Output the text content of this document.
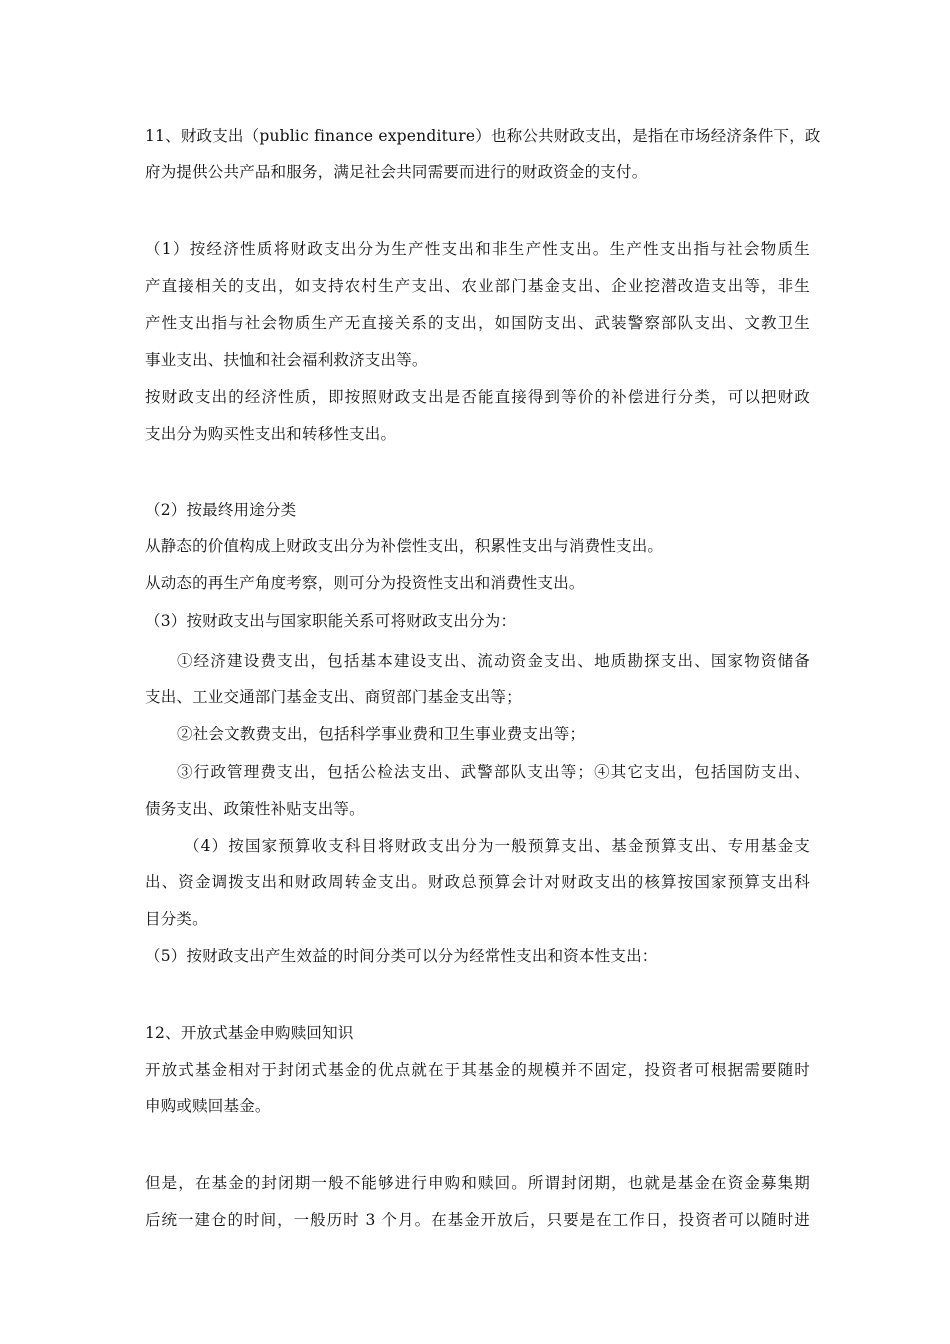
11、财政支出（public finance expenditure）也称公共财政支出，是指在市场经济条件下，政
府为提供公共产品和服务，满足社会共同需要而进行的财政资金的支付。
（1）按经济性质将财政支出分为生产性支出和非生产性支出。生产性支出指与社会物质生
产直接相关的支出，如支持农村生产支出、农业部门基金支出、企业挖潜改造支出等，非生
产性支出指与社会物质生产无直接关系的支出，如国防支出、武装警察部队支出、文教卫生
事业支出、扶恤和社会福利救济支出等。
按财政支出的经济性质，即按照财政支出是否能直接得到等价的补偿进行分类，可以把财政
支出分为购买性支出和转移性支出。
（2）按最终用途分类
从静态的价值构成上财政支出分为补偿性支出，积累性支出与消费性支出。
从动态的再生产角度考察，则可分为投资性支出和消费性支出。
（3）按财政支出与国家职能关系可将财政支出分为：
①经济建设费支出，包括基本建设支出、流动资金支出、地质勘探支出、国家物资储备
支出、工业交通部门基金支出、商贸部门基金支出等；
②社会文教费支出，包括科学事业费和卫生事业费支出等；
③行政管理费支出，包括公检法支出、武警部队支出等；④其它支出，包括国防支出、
债务支出、政策性补贴支出等。
（4）按国家预算收支科目将财政支出分为一般预算支出、基金预算支出、专用基金支
出、资金调拨支出和财政周转金支出。财政总预算会计对财政支出的核算按国家预算支出科
目分类。
（5）按财政支出产生效益的时间分类可以分为经常性支出和资本性支出：
12、开放式基金申购赎回知识
开放式基金相对于封闭式基金的优点就在于其基金的规模并不固定，投资者可根据需要随时
申购或赎回基金。
但是，在基金的封闭期一般不能够进行申购和赎回。所谓封闭期，也就是基金在资金募集期
后统一建仓的时间，一般历时 3 个月。在基金开放后，只要是在工作日，投资者可以随时进
